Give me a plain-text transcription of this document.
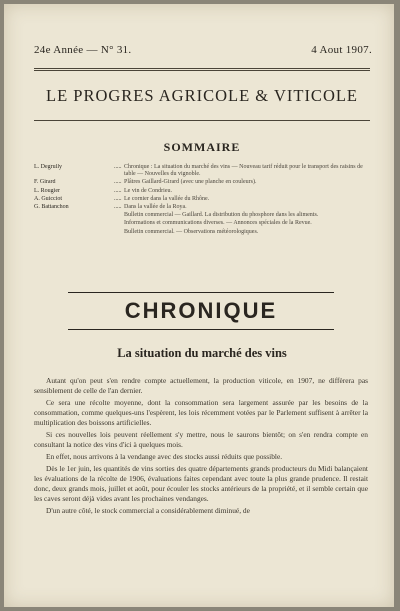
24e Année — N° 31.	4 Aout 1907.
LE PROGRES AGRICOLE & VITICOLE
SOMMAIRE
L. Degrully	..... Chronique : La situation du marché des vins — Nouveau tarif réduit pour le transport des raisins de table — Nouvelles du vignoble.
F. Girard	..... Plâtres Gaillard-Girard (avec une planche en couleurs).
L. Rougier	..... Le vin de Condrieu.
A. Guicciot	..... Le cornier dans la vallée du Rhône.
G. Battanchon	..... Dans la vallée de la Roya.
Bulletin commercial — Gaillard. La distribution du phosphore dans les aliments.
Informations et communications diverses. — Annonces spéciales de la Revue.
Bulletin commercial. — Observations météorologiques.
CHRONIQUE
La situation du marché des vins

Autant qu'on peut s'en rendre compte actuellement, la production viticole, en 1907, ne diffèrera pas sensiblement de celle de l'an dernier.

Ce sera une récolte moyenne, dont la consommation sera largement assurée par les besoins de la consommation, comme quelques-uns l'espèrent, les lois récemment votées par le Parlement suffisent à arrêter la multiplication des boissons artificielles.

Si ces nouvelles lois peuvent réellement s'y mettre, nous le saurons bientôt; on s'en rendra compte en consultant la notice des vins d'ici à quelques mois.

En effet, nous arrivons à la vendange avec des stocks aussi réduits que possible.

Dès le 1er juin, les quantités de vins sorties des quatre départements grands producteurs du Midi balançaient les évaluations de la récolte de 1906, évaluations faites cependant avec toute la plus grande prudence. Il restait donc, deux grands mois, juillet et août, pour écouler les stocks antérieurs de la propriété, et il semble certain que les caves seront déjà vides avant les prochaines vendanges.

D'un autre côté, le stock commercial a considérablement diminué, de
